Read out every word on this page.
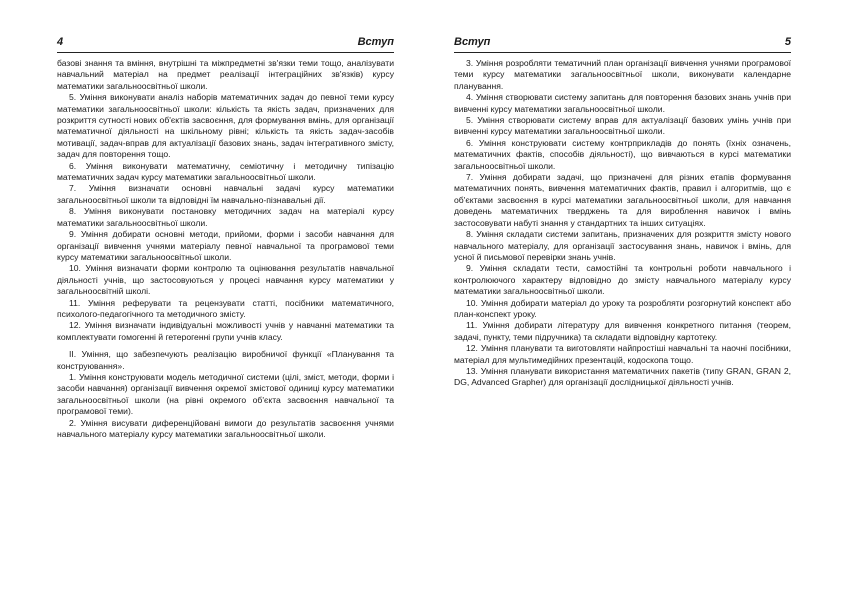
4	Вступ

базові знання та вміння, внутрішні та міжпредметні зв'язки теми тощо, аналізувати навчальний матеріал на предмет реалізації інтеграційних зв'язків) курсу математики загальноосвітньої школи.

5. Уміння виконувати аналіз наборів математичних задач до певної теми курсу математики загальноосвітньої школи: кількість та якість задач, призначених для розкриття сутності нових об'єктів засвоєння, для формування вмінь, для організації математичної діяльності на шкільному рівні; кількість та якість задач-засобів мотивації, задач-вправ для актуалізації базових знань, задач інтегративного змісту, задач для повторення тощо.

6. Уміння виконувати математичну, семіотичну і методичну типізацію математичних задач курсу математики загальноосвітньої школи.

7. Уміння визначати основні навчальні задачі курсу математики загальноосвітньої школи та відповідні їм навчально-пізнавальні дії.

8. Уміння виконувати постановку методичних задач на матеріалі курсу математики загальноосвітньої школи.

9. Уміння добирати основні методи, прийоми, форми і засоби навчання для організації вивчення учнями матеріалу певної навчальної та програмової теми курсу математики загальноосвітньої школи.

10. Уміння визначати форми контролю та оцінювання результатів навчальної діяльності учнів, що застосовуються у процесі навчання курсу математики у загальноосвітній школі.

11. Уміння реферувати та рецензувати статті, посібники математичного, психолого-педагогічного та методичного змісту.

12. Уміння визначати індивідуальні можливості учнів у навчанні математики та комплектувати гомогенні й гетерогенні групи учнів класу.

II. Уміння, що забезпечують реалізацію виробничої функції «Планування та конструювання».

1. Уміння конструювати модель методичної системи (цілі, зміст, методи, форми і засоби навчання) організації вивчення окремої змістової одиниці курсу математики загальноосвітньої школи (на рівні окремого об'єкта засвоєння навчальної та програмової теми).

2. Уміння висувати диференційовані вимоги до результатів засвоєння учнями навчального матеріалу курсу математики загальноосвітньої школи.

Вступ	5

3. Уміння розробляти тематичний план організації вивчення учнями програмової теми курсу математики загальноосвітньої школи, виконувати календарне планування.

4. Уміння створювати систему запитань для повторення базових знань учнів при вивченні курсу математики загальноосвітньої школи.

5. Уміння створювати систему вправ для актуалізації базових умінь учнів при вивченні курсу математики загальноосвітньої школи.

6. Уміння конструювати систему контрприкладів до понять (їхніх означень, математичних фактів, способів діяльності), що вивчаються в курсі математики загальноосвітньої школи.

7. Уміння добирати задачі, що призначені для різних етапів формування математичних понять, вивчення математичних фактів, правил і алгоритмів, що є об'єктами засвоєння в курсі математики загальноосвітньої школи, для навчання доведень математичних тверджень та для вироблення навичок і вмінь застосовувати набуті знання у стандартних та інших ситуаціях.

8. Уміння складати системи запитань, призначених для розкриття змісту нового навчального матеріалу, для організації застосування знань, навичок і вмінь, для усної й письмової перевірки знань учнів.

9. Уміння складати тести, самостійні та контрольні роботи навчального і контролюючого характеру відповідно до змісту навчального матеріалу курсу математики загальноосвітньої школи.

10. Уміння добирати матеріал до уроку та розробляти розгорнутий конспект або план-конспект уроку.

11. Уміння добирати літературу для вивчення конкретного питання (теорем, задачі, пункту, теми підручника) та складати відповідну картотеку.

12. Уміння планувати та виготовляти найпростіші навчальні та наочні посібники, матеріал для мультимедійних презентацій, кодоскопа тощо.

13. Уміння планувати використання математичних пакетів (типу GRAN, GRAN 2, DG, Advanced Grapher) для організації дослідницької діяльності учнів.
